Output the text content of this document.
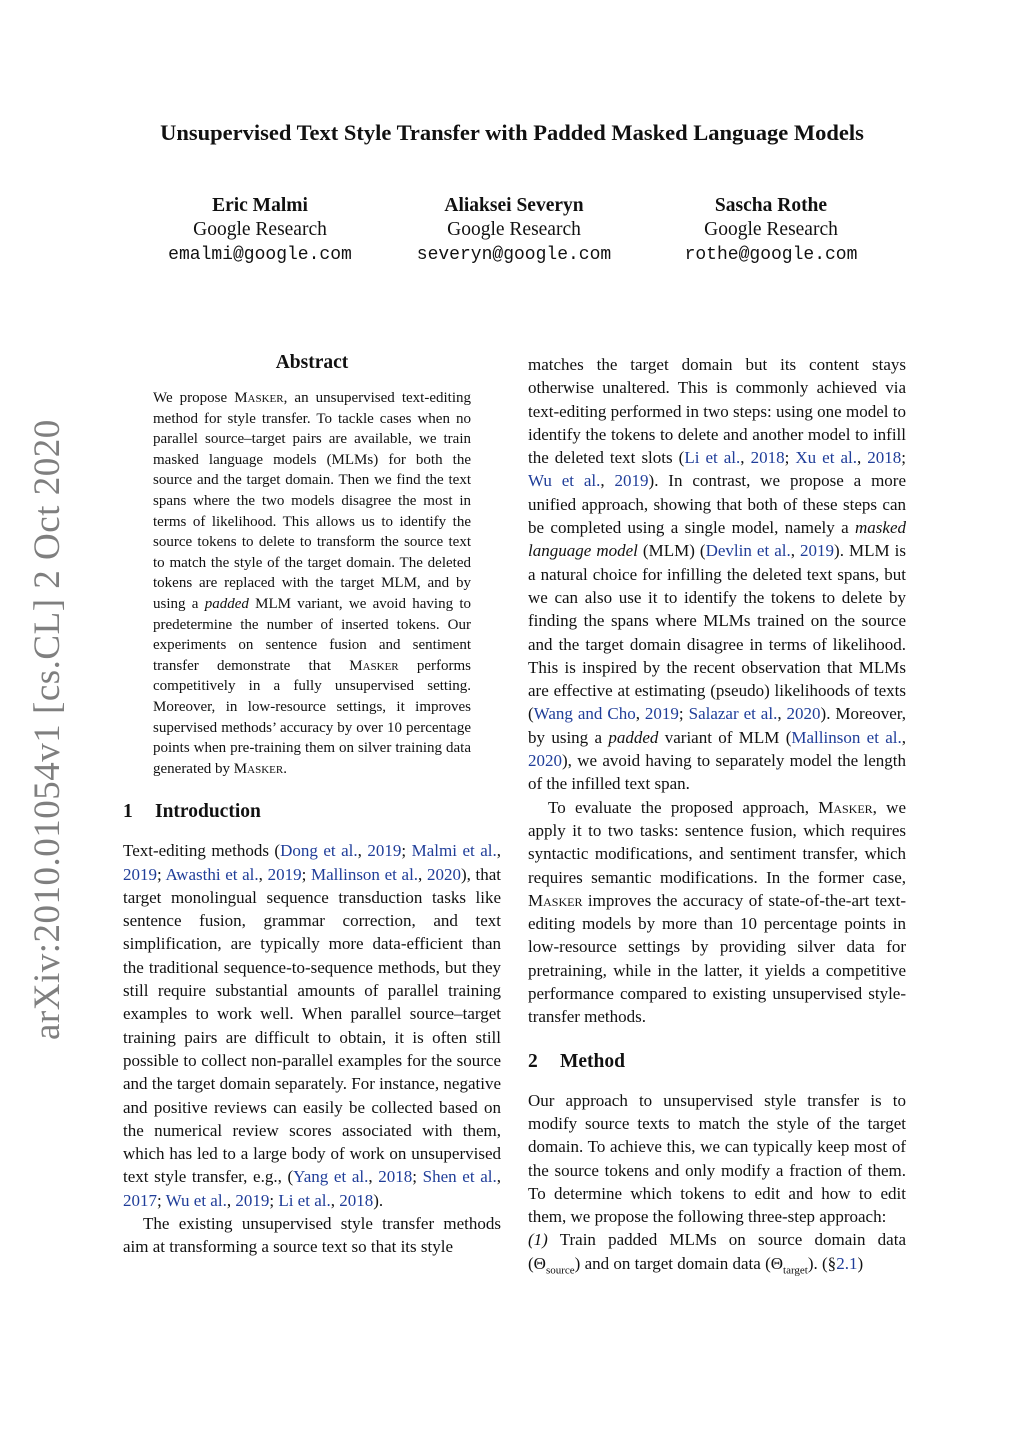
Unsupervised Text Style Transfer with Padded Masked Language Models
Eric Malmi
Google Research
emalmi@google.com
Aliaksei Severyn
Google Research
severyn@google.com
Sascha Rothe
Google Research
rothe@google.com
arXiv:2010.01054v1 [cs.CL] 2 Oct 2020
Abstract

We propose Masker, an unsupervised text-editing method for style transfer. To tackle cases when no parallel source–target pairs are available, we train masked language models (MLMs) for both the source and the target domain. Then we find the text spans where the two models disagree the most in terms of likelihood. This allows us to identify the source tokens to delete to transform the source text to match the style of the target domain. The deleted tokens are replaced with the target MLM, and by using a padded MLM variant, we avoid having to predetermine the number of inserted tokens. Our experiments on sentence fusion and sentiment transfer demonstrate that Masker performs competitively in a fully unsupervised setting. Moreover, in low-resource settings, it improves supervised methods’ accuracy by over 10 percentage points when pre-training them on silver training data generated by Masker.

1 Introduction

Text-editing methods (Dong et al., 2019; Malmi et al., 2019; Awasthi et al., 2019; Mallinson et al., 2020), that target monolingual sequence transduction tasks like sentence fusion, grammar correction, and text simplification, are typically more data-efficient than the traditional sequence-to-sequence methods, but they still require substantial amounts of parallel training examples to work well. When parallel source–target training pairs are difficult to obtain, it is often still possible to collect non-parallel examples for the source and the target domain separately. For instance, negative and positive reviews can easily be collected based on the numerical review scores associated with them, which has led to a large body of work on unsupervised text style transfer, e.g., (Yang et al., 2018; Shen et al., 2017; Wu et al., 2019; Li et al., 2018).

The existing unsupervised style transfer methods aim at transforming a source text so that its style

matches the target domain but its content stays otherwise unaltered. This is commonly achieved via text-editing performed in two steps: using one model to identify the tokens to delete and another model to infill the deleted text slots (Li et al., 2018; Xu et al., 2018; Wu et al., 2019). In contrast, we propose a more unified approach, showing that both of these steps can be completed using a single model, namely a masked language model (MLM) (Devlin et al., 2019). MLM is a natural choice for infilling the deleted text spans, but we can also use it to identify the tokens to delete by finding the spans where MLMs trained on the source and the target domain disagree in terms of likelihood. This is inspired by the recent observation that MLMs are effective at estimating (pseudo) likelihoods of texts (Wang and Cho, 2019; Salazar et al., 2020). Moreover, by using a padded variant of MLM (Mallinson et al., 2020), we avoid having to separately model the length of the infilled text span.

To evaluate the proposed approach, Masker, we apply it to two tasks: sentence fusion, which requires syntactic modifications, and sentiment transfer, which requires semantic modifications. In the former case, Masker improves the accuracy of state-of-the-art text-editing models by more than 10 percentage points in low-resource settings by providing silver data for pretraining, while in the latter, it yields a competitive performance compared to existing unsupervised style-transfer methods.

2 Method

Our approach to unsupervised style transfer is to modify source texts to match the style of the target domain. To achieve this, we can typically keep most of the source tokens and only modify a fraction of them. To determine which tokens to edit and how to edit them, we propose the following three-step approach:

(1) Train padded MLMs on source domain data $(\Theta_{source})$ and on target domain data $(\Theta_{target})$. (§2.1)
